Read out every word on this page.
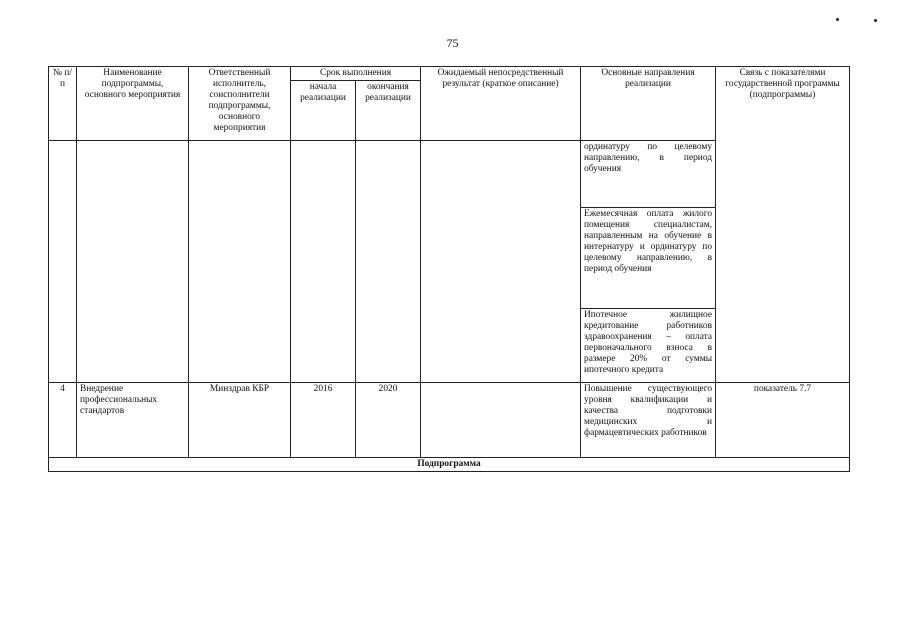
75
№ п/ п	Наименование подпрограммы, основного мероприятия	Ответственный исполнитель, соисполнители подпрограммы, основного мероприятия	Срок выполнения		Ожидаемый непосредственный результат (краткое описание)	Основные направления реализации	Связь с показателями государственной программы (подпрограммы)
			начала реализации	окончания реализации			
						ординатуру по целевому направлению, в период обучения	
						Ежемесячная оплата жилого помещения специалистам, направленным на обучение в интернатуру и ординатуру по целевому направлению, в период обучения	
						Ипотечное жилищное кредитование работников здравоохранения – оплата первоначального взноса в размере 20% от суммы ипотечного кредита	
4	Внедрение профессиональных стандартов	Минздрав КБР	2016	2020		Повышение существующего уровня квалификации и качества подготовки медицинских и фармацевтических работников	показатель 7.7
Подпрограмма							
